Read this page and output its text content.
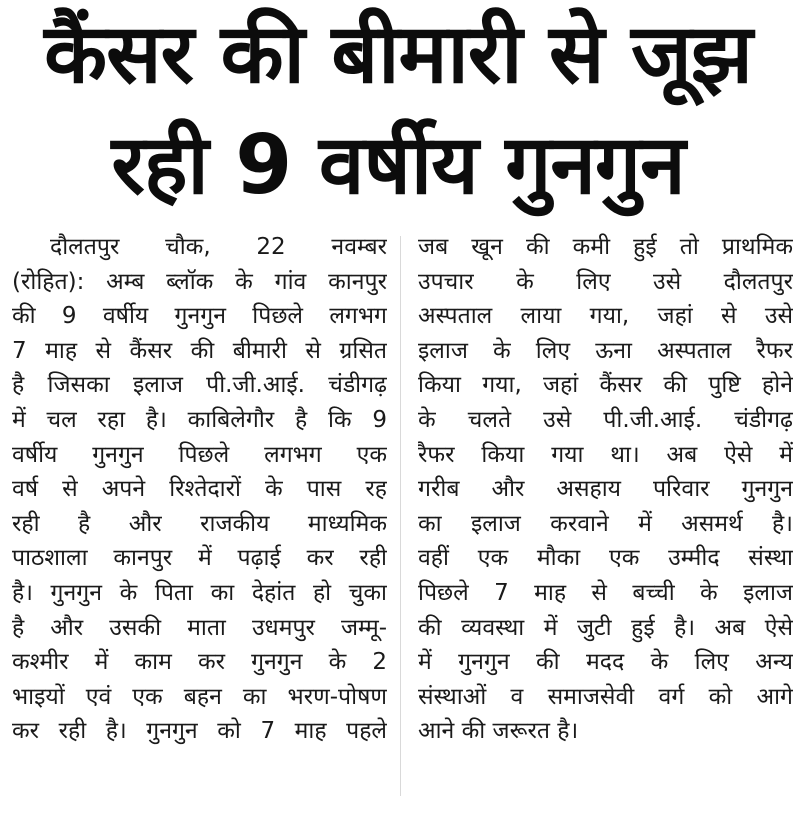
कैंसर की बीमारी से जूझ
रही 9 वर्षीय गुनगुन
दौलतपुर चौक, 22 नवम्बर
(रोहित): अम्ब ब्लॉक के गांव कानपुर
की 9 वर्षीय गुनगुन पिछले लगभग
7 माह से कैंसर की बीमारी से ग्रसित
है जिसका इलाज पी.जी.आई. चंडीगढ़
में चल रहा है। काबिलेगौर है कि 9
वर्षीय गुनगुन पिछले लगभग एक
वर्ष से अपने रिश्तेदारों के पास रह
रही है और राजकीय माध्यमिक
पाठशाला कानपुर में पढ़ाई कर रही
है। गुनगुन के पिता का देहांत हो चुका
है और उसकी माता उधमपुर जम्मू-
कश्मीर में काम कर गुनगुन के 2
भाइयों एवं एक बहन का भरण-पोषण
कर रही है। गुनगुन को 7 माह पहले
जब खून की कमी हुई तो प्राथमिक
उपचार के लिए उसे दौलतपुर
अस्पताल लाया गया, जहां से उसे
इलाज के लिए ऊना अस्पताल रैफर
किया गया, जहां कैंसर की पुष्टि होने
के चलते उसे पी.जी.आई. चंडीगढ़
रैफर किया गया था। अब ऐसे में
गरीब और असहाय परिवार गुनगुन
का इलाज करवाने में असमर्थ है।
वहीं एक मौका एक उम्मीद संस्था
पिछले 7 माह से बच्ची के इलाज
की व्यवस्था में जुटी हुई है। अब ऐसे
में गुनगुन की मदद के लिए अन्य
संस्थाओं व समाजसेवी वर्ग को आगे
आने की जरूरत है।
